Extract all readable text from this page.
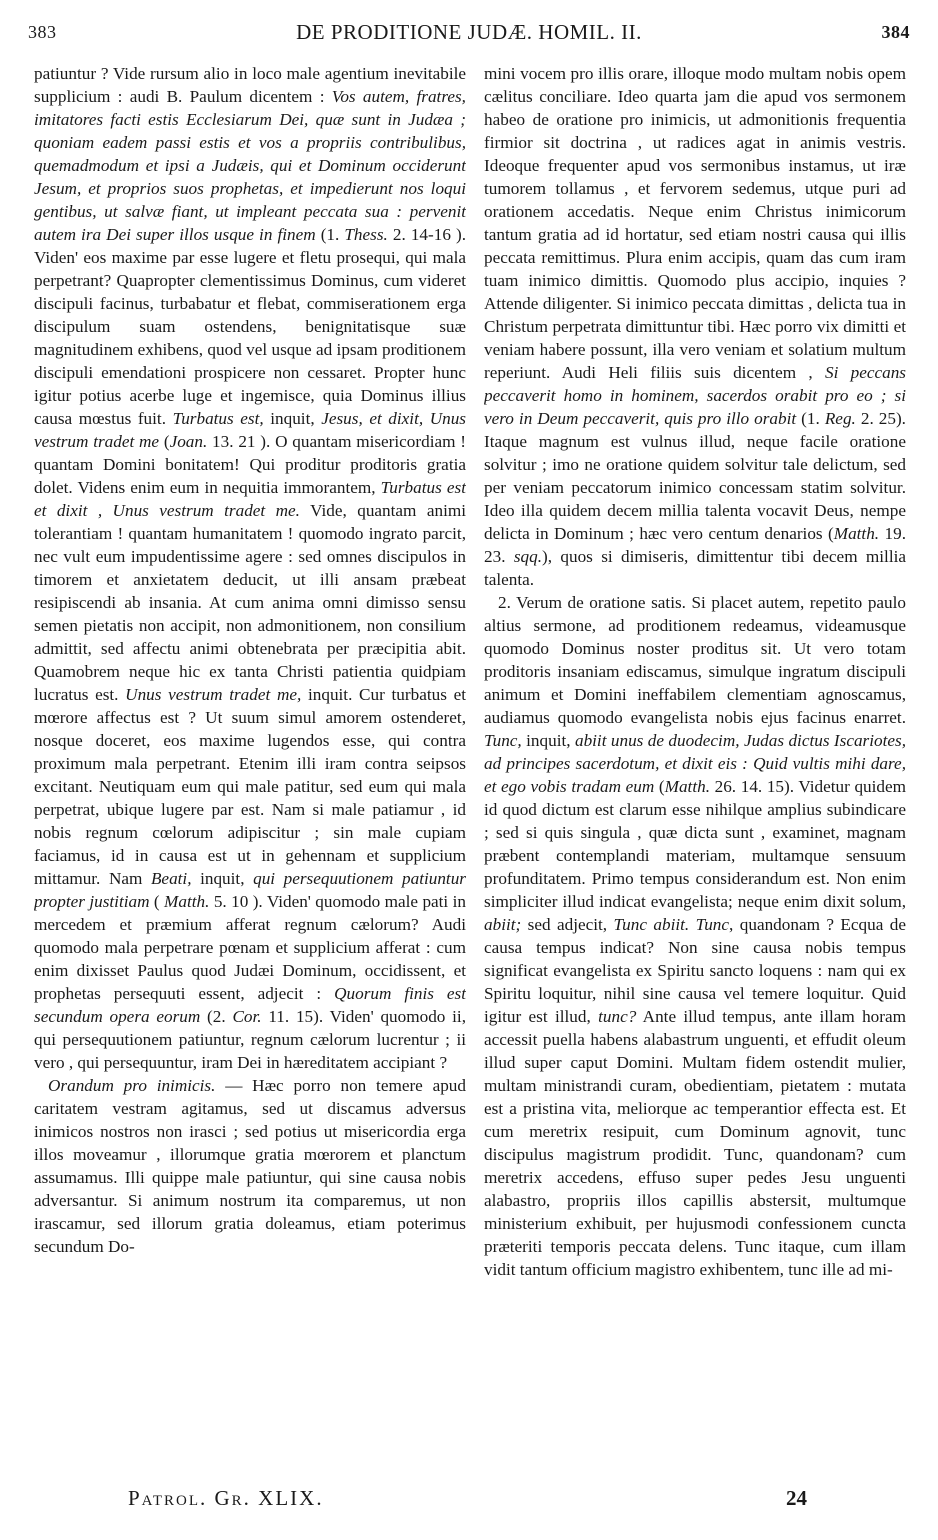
383	DE PRODITIONE JUDÆ. HOMIL. II.	384

patiuntur ? Vide rursum alio in loco male agentium inevitabile supplicium : audi B. Paulum dicentem : Vos autem, fratres, imitatores facti estis Ecclesiarum Dei, quæ sunt in Judæa ; quoniam eadem passi estis et vos a propriis contribulibus, quemadmodum et ipsi a Judæis, qui et Dominum occiderunt Jesum, et proprios suos prophetas, et impedierunt nos loqui gentibus, ut salvæ fiant, ut impleant peccata sua : pervenit autem ira Dei super illos usque in finem (1. Thess. 2. 14-16 ). Viden' eos maxime par esse lugere et fletu prosequi, qui mala perpetrant? Quapropter clementissimus Dominus, cum videret discipuli facinus, turbabatur et flebat, commiserationem erga discipulum suam ostendens, benignitatisque suæ magnitudinem exhibens, quod vel usque ad ipsam proditionem discipuli emendationi prospicere non cessaret. Propter hunc igitur potius acerbe luge et ingemisce, quia Dominus illius causa mœstus fuit. Turbatus est, inquit, Jesus, et dixit, Unus vestrum tradet me (Joan. 13. 21 ). O quantam misericordiam ! quantam Domini bonitatem! Qui proditur proditoris gratia dolet. Videns enim eum in nequitia immorantem, Turbatus est et dixit , Unus vestrum tradet me. Vide, quantam animi tolerantiam ! quantam humanitatem ! quomodo ingrato parcit, nec vult eum impudentissime agere : sed omnes discipulos in timorem et anxietatem deducit, ut illi ansam præbeat resipiscendi ab insania. At cum anima omni dimisso sensu semen pietatis non accipit, non admonitionem, non consilium admittit, sed affectu animi obtenebrata per præcipitia abit. Quamobrem neque hic ex tanta Christi patientia quidpiam lucratus est. Unus vestrum tradet me, inquit. Cur turbatus et mœrore affectus est ? Ut suum simul amorem ostenderet, nosque doceret, eos maxime lugendos esse, qui contra proximum mala perpetrant. Etenim illi iram contra seipsos excitant. Neutiquam eum qui male patitur, sed eum qui mala perpetrat, ubique lugere par est. Nam si male patiamur , id nobis regnum cœlorum adipiscitur ; sin male cupiam faciamus, id in causa est ut in gehennam et supplicium mittamur. Nam Beati, inquit, qui persequutionem patiuntur propter justitiam ( Matth. 5. 10 ). Viden' quomodo male pati in mercedem et præmium afferat regnum cælorum? Audi quomodo mala perpetrare pœnam et supplicium afferat : cum enim dixisset Paulus quod Judæi Dominum, occidissent, et prophetas persequuti essent, adjecit : Quorum finis est secundum opera eorum (2. Cor. 11. 15). Viden' quomodo ii, qui persequutionem patiuntur, regnum cælorum lucrentur ; ii vero , qui persequuntur, iram Dei in hæreditatem accipiant ?

Orandum pro inimicis. — Hæc porro non temere apud caritatem vestram agitamus, sed ut discamus adversus inimicos nostros non irasci ; sed potius ut misericordia erga illos moveamur , illorumque gratia mœrorem et planctum assumamus. Illi quippe male patiuntur, qui sine causa nobis adversantur. Si animum nostrum ita comparemus, ut non irascamur, sed illorum gratia doleamus, etiam poterimus secundum Do-

mini vocem pro illis orare, illoque modo multam nobis opem cælitus conciliare. Ideo quarta jam die apud vos sermonem habeo de oratione pro inimicis, ut admonitionis frequentia firmior sit doctrina , ut radices agat in animis vestris. Ideoque frequenter apud vos sermonibus instamus, ut iræ tumorem tollamus , et fervorem sedemus, utque puri ad orationem accedatis. Neque enim Christus inimicorum tantum gratia ad id hortatur, sed etiam nostri causa qui illis peccata remittimus. Plura enim accipis, quam das cum iram tuam inimico dimittis. Quomodo plus accipio, inquies ? Attende diligenter. Si inimico peccata dimittas , delicta tua in Christum perpetrata dimittuntur tibi. Hæc porro vix dimitti et veniam habere possunt, illa vero veniam et solatium multum reperiunt. Audi Heli filiis suis dicentem , Si peccans peccaverit homo in hominem, sacerdos orabit pro eo ; si vero in Deum peccaverit, quis pro illo orabit (1. Reg. 2. 25). Itaque magnum est vulnus illud, neque facile oratione solvitur ; imo ne oratione quidem solvitur tale delictum, sed per veniam peccatorum inimico concessam statim solvitur. Ideo illa quidem decem millia talenta vocavit Deus, nempe delicta in Dominum ; hæc vero centum denarios (Matth. 19. 23. sqq.), quos si dimiseris, dimittentur tibi decem millia talenta.

2. Verum de oratione satis. Si placet autem, repetito paulo altius sermone, ad proditionem redeamus, videamusque quomodo Dominus noster proditus sit. Ut vero totam proditoris insaniam ediscamus, simulque ingratum discipuli animum et Domini ineffabilem clementiam agnoscamus, audiamus quomodo evangelista nobis ejus facinus enarret. Tunc, inquit, abiit unus de duodecim, Judas dictus Iscariotes, ad principes sacerdotum, et dixit eis : Quid vultis mihi dare, et ego vobis tradam eum (Matth. 26. 14. 15). Videtur quidem id quod dictum est clarum esse nihilque amplius subindicare ; sed si quis singula , quæ dicta sunt , examinet, magnam præbent contemplandi materiam, multamque sensuum profunditatem. Primo tempus considerandum est. Non enim simpliciter illud indicat evangelista; neque enim dixit solum, abiit; sed adjecit, Tunc abiit. Tunc, quandonam ? Ecqua de causa tempus indicat? Non sine causa nobis tempus significat evangelista ex Spiritu sancto loquens : nam qui ex Spiritu loquitur, nihil sine causa vel temere loquitur. Quid igitur est illud, tunc? Ante illud tempus, ante illam horam accessit puella habens alabastrum unguenti, et effudit oleum illud super caput Domini. Multam fidem ostendit mulier, multam ministrandi curam, obedientiam, pietatem : mutata est a pristina vita, meliorque ac temperantior effecta est. Et cum meretrix resipuit, cum Dominum agnovit, tunc discipulus magistrum prodidit. Tunc, quandonam? cum meretrix accedens, effuso super pedes Jesu unguenti alabastro, propriis illos capillis abstersit, multumque ministerium exhibuit, per hujusmodi confessionem cuncta præteriti temporis peccata delens. Tunc itaque, cum illam vidit tantum officium magistro exhibentem, tunc ille ad mi-

Patrol. Gr. XLIX.	24
